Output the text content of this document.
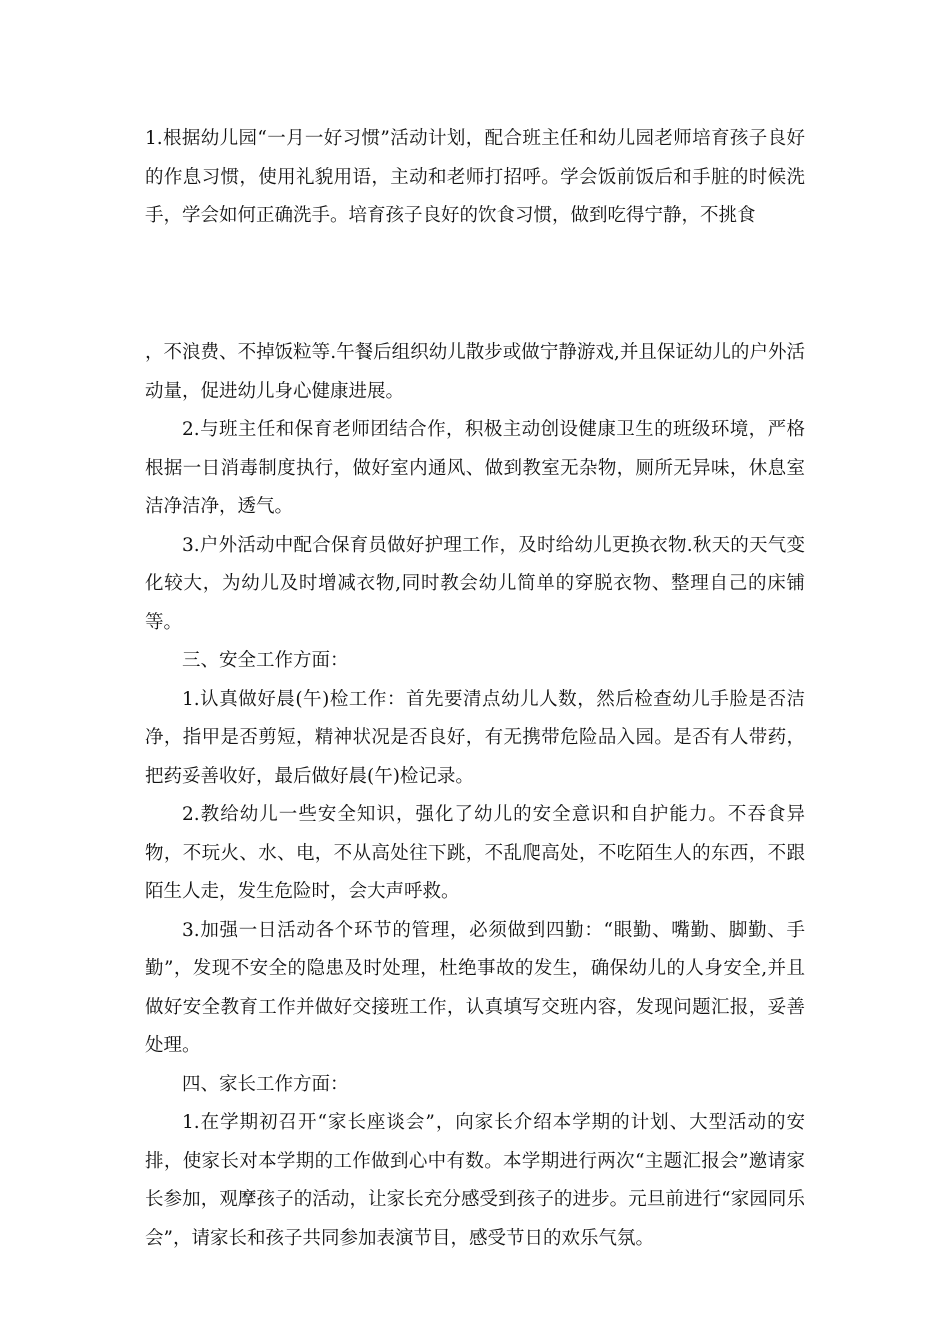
1.根据幼儿园“一月一好习惯”活动计划，配合班主任和幼儿园老师培育孩子良好的作息习惯，使用礼貌用语，主动和老师打招呼。学会饭前饭后和手脏的时候洗手，学会如何正确洗手。培育孩子良好的饮食习惯，做到吃得宁静，不挑食

，不浪费、不掉饭粒等.午餐后组织幼儿散步或做宁静游戏,并且保证幼儿的户外活动量，促进幼儿身心健康进展。

2.与班主任和保育老师团结合作，积极主动创设健康卫生的班级环境，严格根据一日消毒制度执行，做好室内通风、做到教室无杂物，厕所无异味，休息室洁净洁净，透气。

3.户外活动中配合保育员做好护理工作，及时给幼儿更换衣物.秋天的天气变化较大，为幼儿及时增减衣物,同时教会幼儿简单的穿脱衣物、整理自己的床铺等。

三、安全工作方面：

1.认真做好晨(午)检工作：首先要清点幼儿人数，然后检查幼儿手脸是否洁净，指甲是否剪短，精神状况是否良好，有无携带危险品入园。是否有人带药，把药妥善收好，最后做好晨(午)检记录。

2.教给幼儿一些安全知识，强化了幼儿的安全意识和自护能力。不吞食异物，不玩火、水、电，不从高处往下跳，不乱爬高处，不吃陌生人的东西，不跟陌生人走，发生危险时，会大声呼救。

3.加强一日活动各个环节的管理，必须做到四勤：“眼勤、嘴勤、脚勤、手勤”，发现不安全的隐患及时处理，杜绝事故的发生，确保幼儿的人身安全,并且做好安全教育工作并做好交接班工作，认真填写交班内容，发现问题汇报，妥善处理。

四、家长工作方面：

1.在学期初召开“家长座谈会”，向家长介绍本学期的计划、大型活动的安排，使家长对本学期的工作做到心中有数。本学期进行两次“主题汇报会”邀请家长参加，观摩孩子的活动，让家长充分感受到孩子的进步。元旦前进行“家园同乐会”，请家长和孩子共同参加表演节目，感受节日的欢乐气氛。
